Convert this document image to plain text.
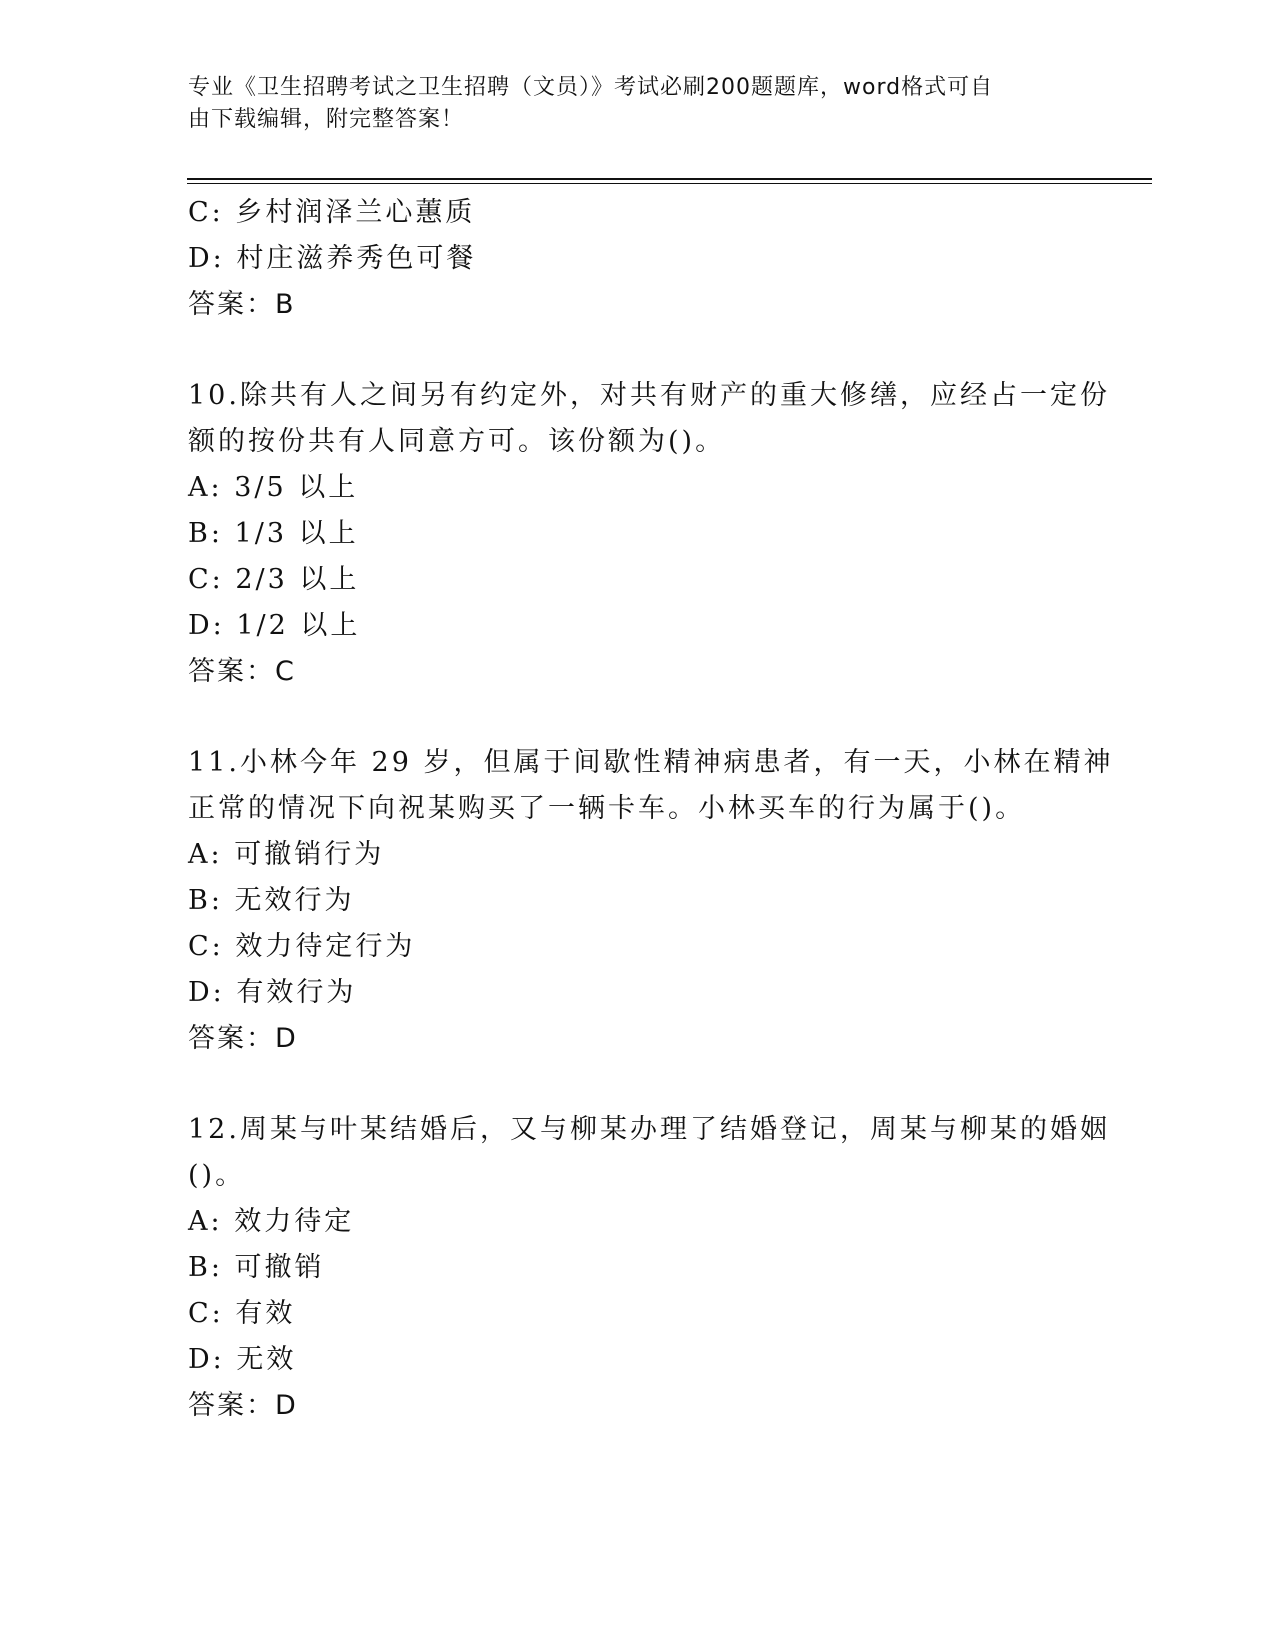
专业《卫生招聘考试之卫生招聘（文员）》考试必刷200题题库，word格式可自
由下载编辑，附完整答案！
C: 乡村润泽兰心蕙质
D: 村庄滋养秀色可餐
答案：B
10.除共有人之间另有约定外，对共有财产的重大修缮，应经占一定份
额的按份共有人同意方可。该份额为()。
A: 3/5 以上
B: 1/3 以上
C: 2/3 以上
D: 1/2 以上
答案：C
11.小林今年 29 岁，但属于间歇性精神病患者，有一天，小林在精神
正常的情况下向祝某购买了一辆卡车。小林买车的行为属于()。
A: 可撤销行为
B: 无效行为
C: 效力待定行为
D: 有效行为
答案：D
12.周某与叶某结婚后，又与柳某办理了结婚登记，周某与柳某的婚姻
()。
A: 效力待定
B: 可撤销
C: 有效
D: 无效
答案：D
